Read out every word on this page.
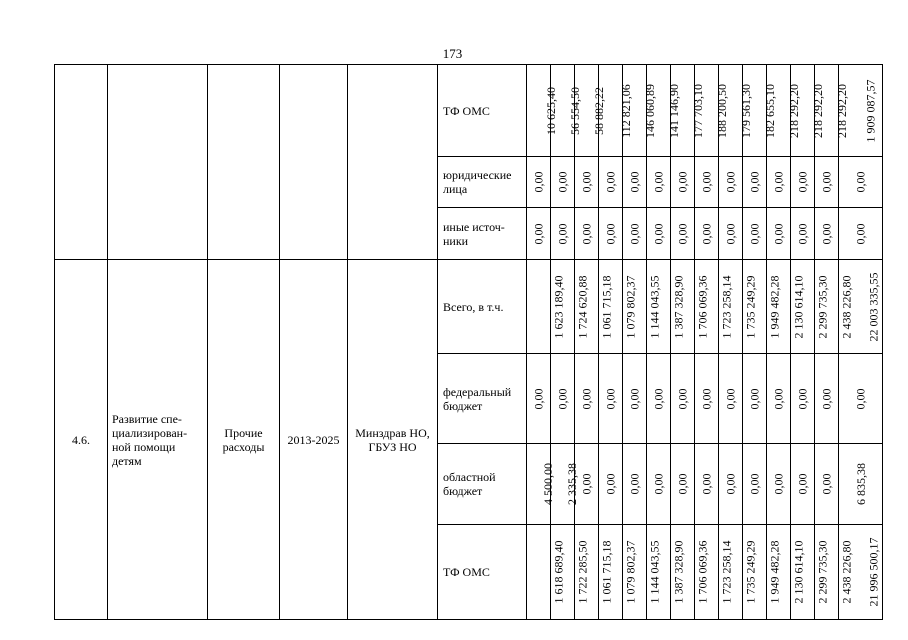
173
					ТФ ОМС	10 625,40	56 554,50	58 882,22	112 821,06	146 060,89	141 146,90	177 703,10	188 200,50	179 561,30	182 655,10	218 292,20	218 292,20	218 292,20	1 909 087,57
					юридические лица	0,00	0,00	0,00	0,00	0,00	0,00	0,00	0,00	0,00	0,00	0,00	0,00	0,00	0,00
					иные источ-ники	0,00	0,00	0,00	0,00	0,00	0,00	0,00	0,00	0,00	0,00	0,00	0,00	0,00	0,00
4.6.	Развитие спе-циализирован-ной помощи детям	Прочие расходы	2013-2025	Минздрав НО, ГБУЗ НО	Всего, в т.ч.	1 623 189,40	1 724 620,88	1 061 715,18	1 079 802,37	1 144 043,55	1 387 328,90	1 706 069,36	1 723 258,14	1 735 249,29	1 949 482,28	2 130 614,10	2 299 735,30	2 438 226,80	22 003 335,55
					федеральный бюджет	0,00	0,00	0,00	0,00	0,00	0,00	0,00	0,00	0,00	0,00	0,00	0,00	0,00	0,00
					областной бюджет	4 500,00	2 335,38	0,00	0,00	0,00	0,00	0,00	0,00	0,00	0,00	0,00	0,00	0,00	6 835,38
					ТФ ОМС	1 618 689,40	1 722 285,50	1 061 715,18	1 079 802,37	1 144 043,55	1 387 328,90	1 706 069,36	1 723 258,14	1 735 249,29	1 949 482,28	2 130 614,10	2 299 735,30	2 438 226,80	21 996 500,17
